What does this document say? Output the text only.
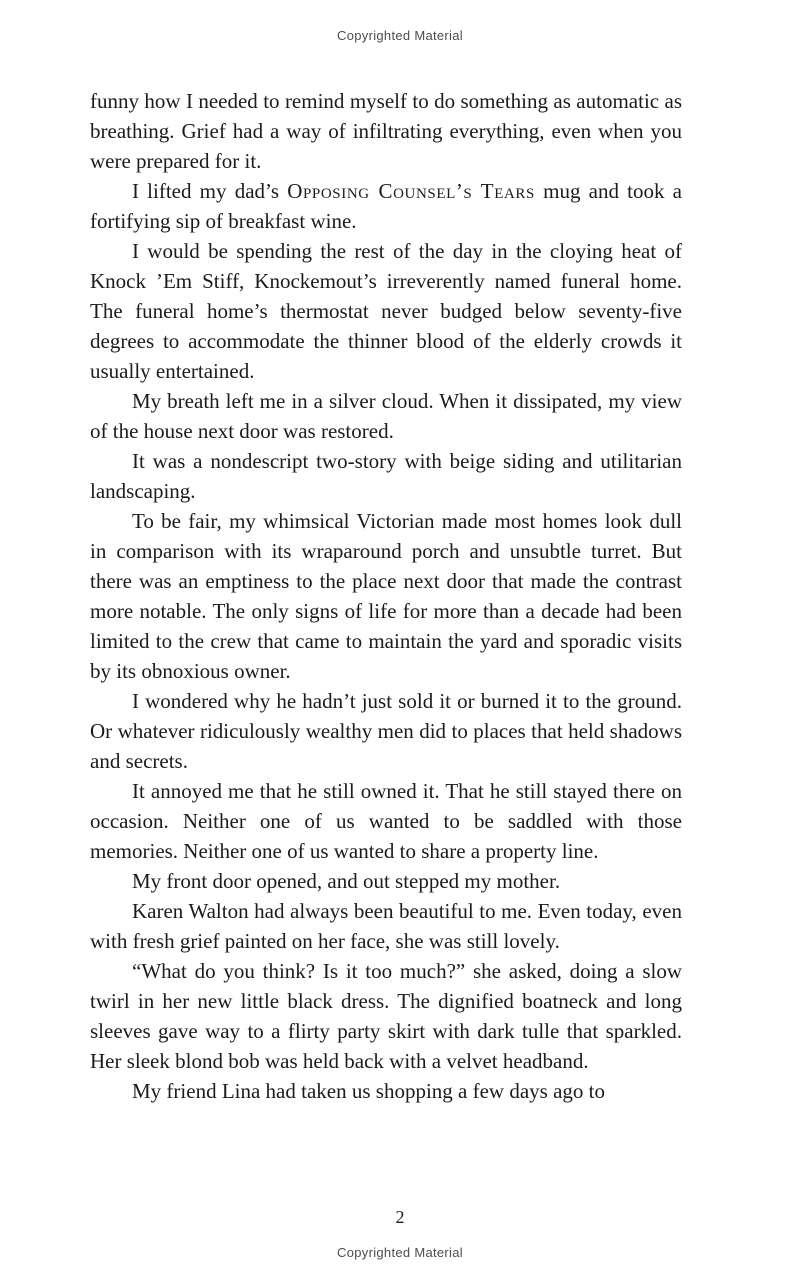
Copyrighted Material

funny how I needed to remind myself to do something as automatic as breathing. Grief had a way of infiltrating everything, even when you were prepared for it.

I lifted my dad’s Opposing Counsel’s Tears mug and took a fortifying sip of breakfast wine.

I would be spending the rest of the day in the cloying heat of Knock ’Em Stiff, Knockemout’s irreverently named funeral home. The funeral home’s thermostat never budged below seventy-five degrees to accommodate the thinner blood of the elderly crowds it usually entertained.

My breath left me in a silver cloud. When it dissipated, my view of the house next door was restored.

It was a nondescript two-story with beige siding and utilitarian landscaping.

To be fair, my whimsical Victorian made most homes look dull in comparison with its wraparound porch and unsubtle turret. But there was an emptiness to the place next door that made the contrast more notable. The only signs of life for more than a decade had been limited to the crew that came to maintain the yard and sporadic visits by its obnoxious owner.

I wondered why he hadn’t just sold it or burned it to the ground. Or whatever ridiculously wealthy men did to places that held shadows and secrets.

It annoyed me that he still owned it. That he still stayed there on occasion. Neither one of us wanted to be saddled with those memories. Neither one of us wanted to share a property line.

My front door opened, and out stepped my mother.

Karen Walton had always been beautiful to me. Even today, even with fresh grief painted on her face, she was still lovely.

“What do you think? Is it too much?” she asked, doing a slow twirl in her new little black dress. The dignified boatneck and long sleeves gave way to a flirty party skirt with dark tulle that sparkled. Her sleek blond bob was held back with a velvet headband.

My friend Lina had taken us shopping a few days ago to

2
Copyrighted Material
